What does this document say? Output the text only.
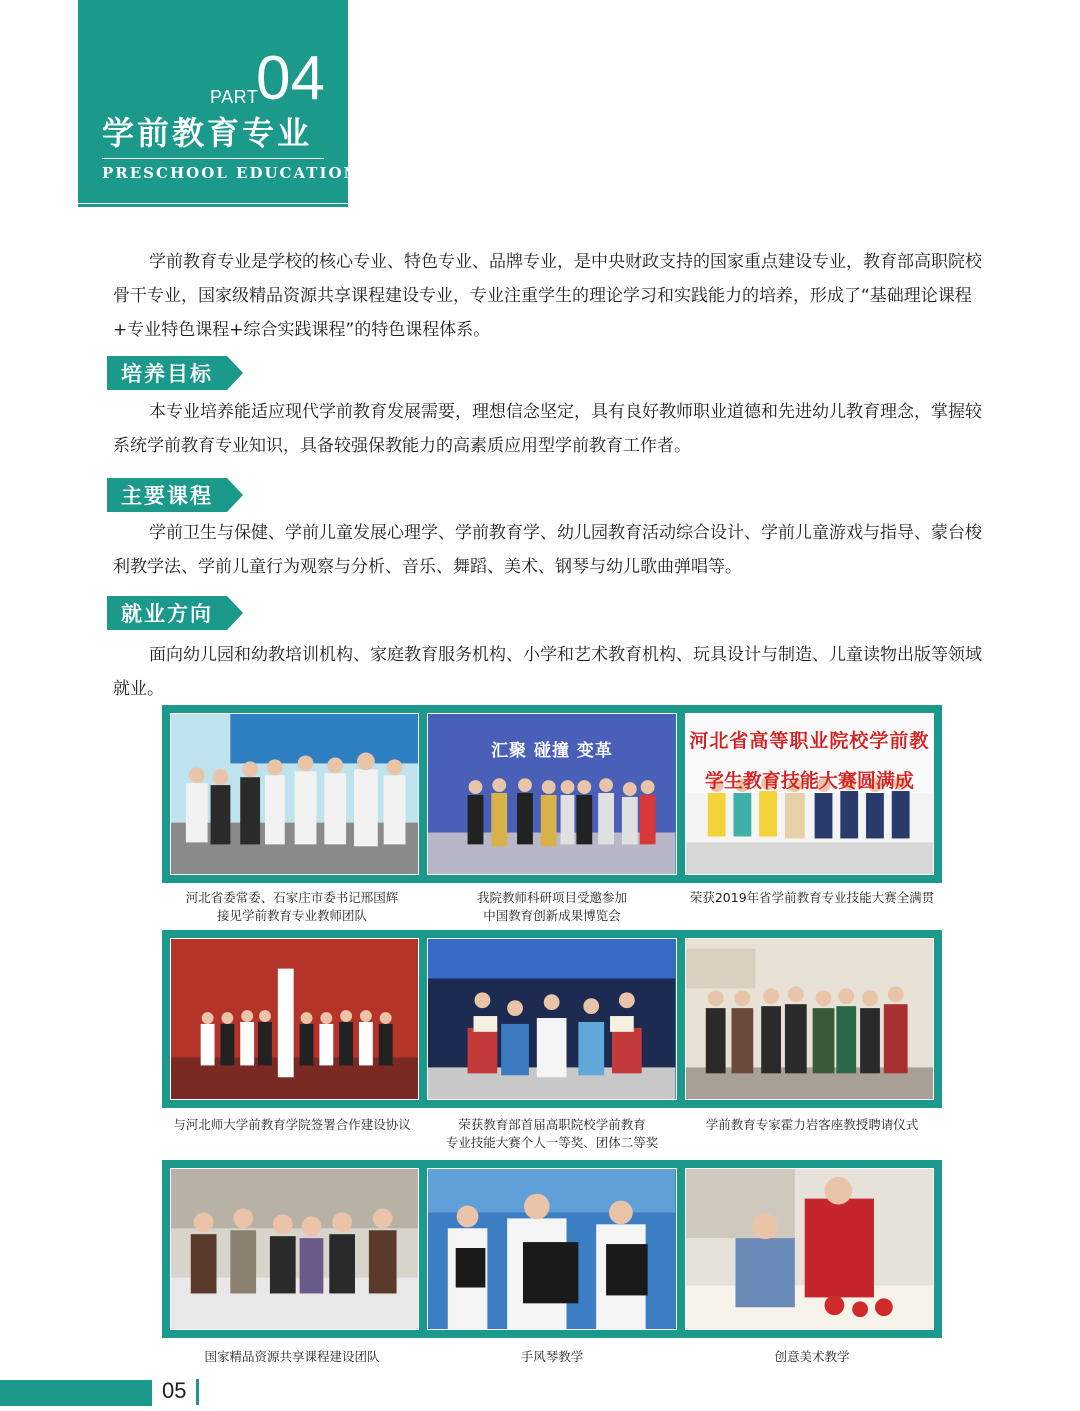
PART
04
学前教育专业
PRESCHOOL EDUCATION

学前教育专业是学校的核心专业、特色专业、品牌专业，是中央财政支持的国家重点建设专业，教育部高职院校骨干专业，国家级精品资源共享课程建设专业，专业注重学生的理论学习和实践能力的培养，形成了“基础理论课程+专业特色课程+综合实践课程”的特色课程体系。

培养目标

本专业培养能适应现代学前教育发展需要，理想信念坚定，具有良好教师职业道德和先进幼儿教育理念，掌握较系统学前教育专业知识，具备较强保教能力的高素质应用型学前教育工作者。

主要课程

学前卫生与保健、学前儿童发展心理学、学前教育学、幼儿园教育活动综合设计、学前儿童游戏与指导、蒙台梭利教学法、学前儿童行为观察与分析、音乐、舞蹈、美术、钢琴与幼儿歌曲弹唱等。

就业方向

面向幼儿园和幼教培训机构、家庭教育服务机构、小学和艺术教育机构、玩具设计与制造、儿童读物出版等领域就业。

汇聚 碰撞 变革	河北省高等职业院校学前教
学生教育技能大赛圆满成
河北省委常委、石家庄市委书记邢国辉
接见学前教育专业教师团队
我院教师科研项目受邀参加
中国教育创新成果博览会
荣获2019年省学前教育专业技能大赛全满贯
与河北师大学前教育学院签署合作建设协议	荣获教育部首届高职院校学前教育
专业技能大赛个人一等奖、团体二等奖
学前教育专家霍力岩客座教授聘请仪式
国家精品资源共享课程建设团队	手风琴教学	创意美术教学
05
